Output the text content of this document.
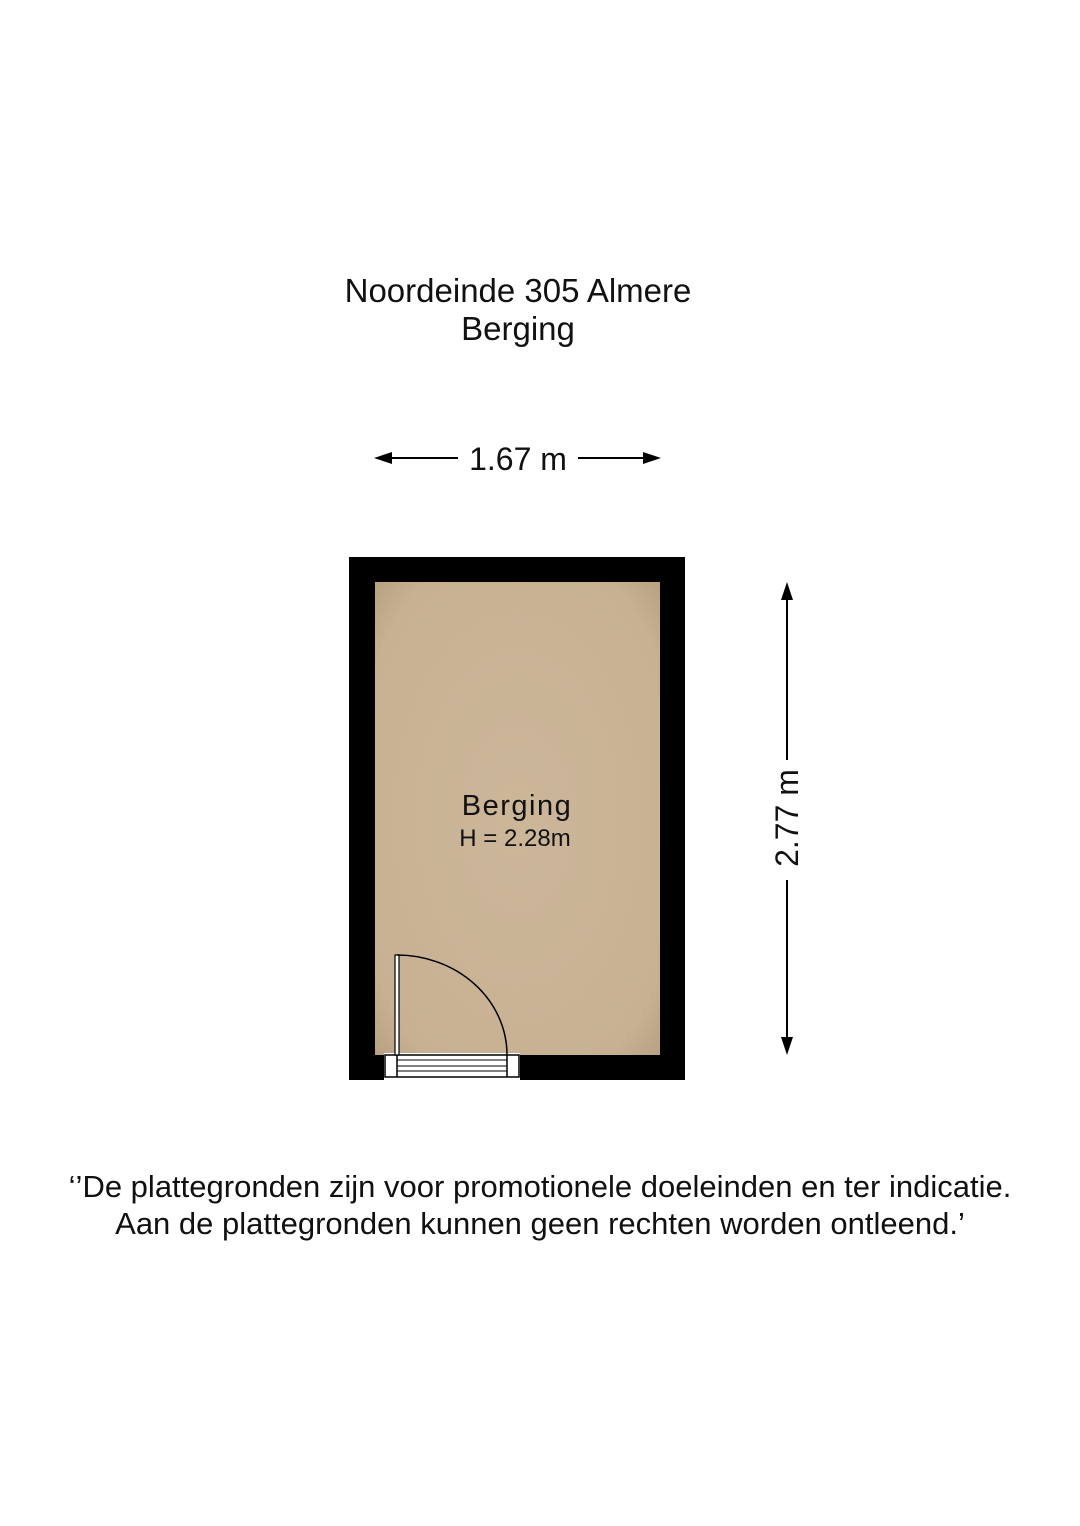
Noordeinde 305 Almere
Berging
1.67 m
2.77 m
Berging
H = 2.28m
‘’De plattegronden zijn voor promotionele doeleinden en ter indicatie.
Aan de plattegronden kunnen geen rechten worden ontleend.’
